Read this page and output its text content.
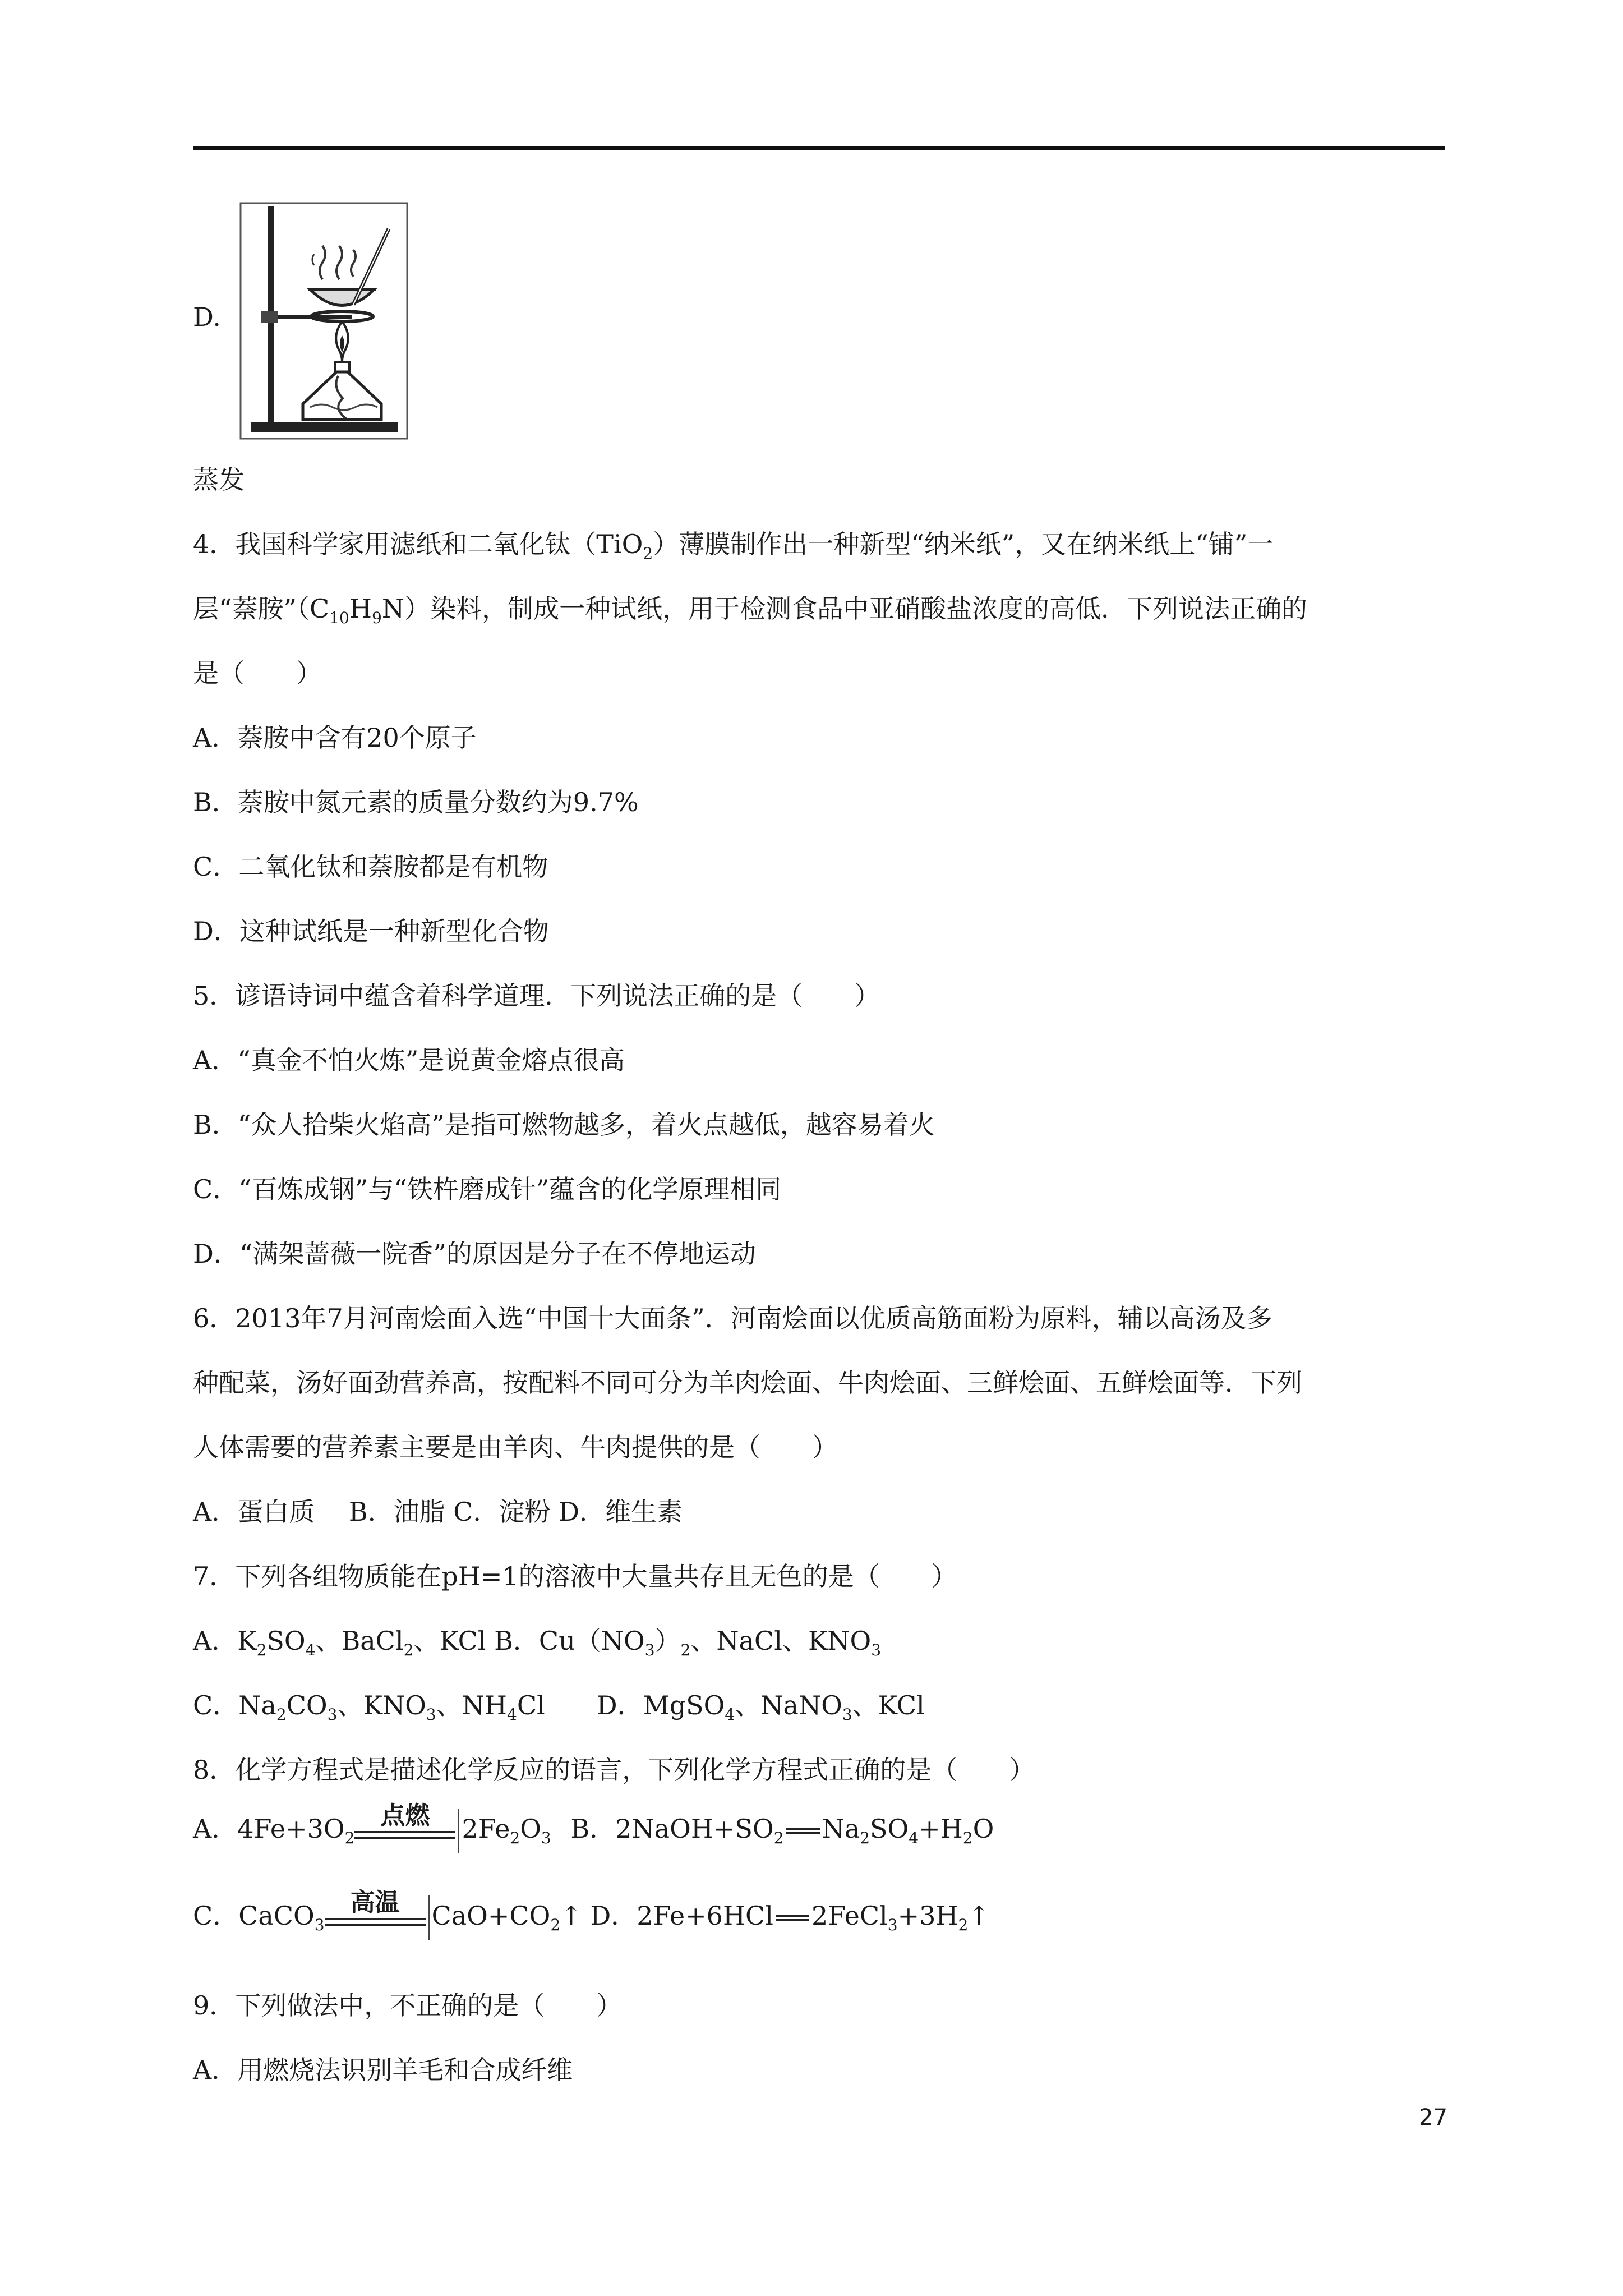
D.
蒸发
4．我国科学家用滤纸和二氧化钛（TiO$_2$）薄膜制作出一种新型“纳米纸”，又在纳米纸上“铺”一
层“萘胺$”(C_{10}H_9N)$染料，制成一种试纸，用于检测食品中亚硝酸盐浓度的高低．下列说法正确的
是（　　）
A．萘胺中含有20个原子
B．萘胺中氮元素的质量分数约为9.7%
C．二氧化钛和萘胺都是有机物
D．这种试纸是一种新型化合物
5．谚语诗词中蕴含着科学道理．下列说法正确的是（　　）
A．“真金不怕火炼”是说黄金熔点很高
B．“众人拾柴火焰高”是指可燃物越多，着火点越低，越容易着火
C．“百炼成钢”与“铁杵磨成针”蕴含的化学原理相同
D．“满架蔷薇一院香”的原因是分子在不停地运动
6．2013年7月河南烩面入选“中国十大面条”．河南烩面以优质高筋面粉为原料，辅以高汤及多
种配菜，汤好面劲营养高，按配料不同可分为羊肉烩面、牛肉烩面、三鲜烩面、五鲜烩面等．下列
人体需要的营养素主要是由羊肉、牛肉提供的是（　　）
A．蛋白质　 B．油脂 C．淀粉 D．维生素
7．下列各组物质能在pH=1的溶液中大量共存且无色的是（　　）
A．$K_2SO_4$、BaCl$_2$、KCl B．$Cu(NO_3)_2$、NaCl、$KNO_3$
C．$Na_2CO_3$、$KNO_3$、$NH_4Cl$　　D．MgSO$_4$、NaNO$_3$、KCl
8．化学方程式是描述化学反应的语言，下列化学方程式正确的是（　　）
A．$4Fe+3O_2$
点燃	$2Fe_2O_3$ B．$2NaOH+SO_2$ $Na_2SO_4+H_2O$
C．CaCO$_3$
高温	$CaO+CO_2↑$ D．2Fe+6HCl $2FeCl_3+3H_2↑$
9．下列做法中，不正确的是（　　）
A．用燃烧法识别羊毛和合成纤维
27
